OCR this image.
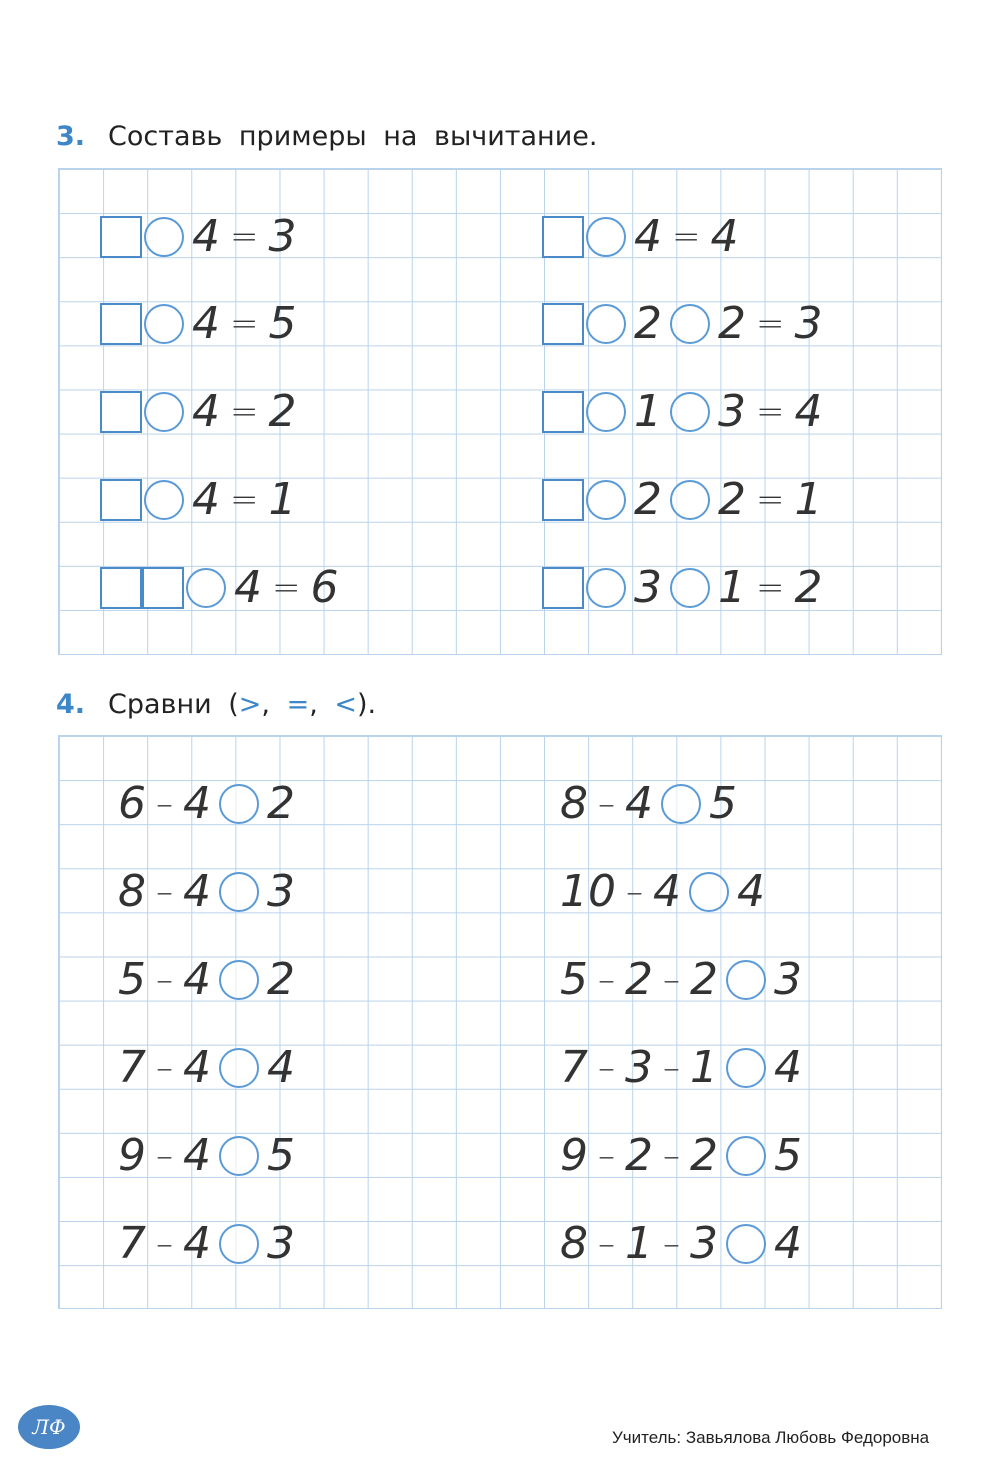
3. Составь примеры на вычитание.
4. Сравни (>, =, <).
ЛФ	Учитель: Завьялова Любовь Федоровна
4 = 3
4 = 5
4 = 2
4 = 1
4 = 6
4 = 4
2 2 = 3
1 3 = 4
2 2 = 1
3 1 = 2
6 – 4 2
8 – 4 3
5 – 4 2
7 – 4 4
9 – 4 5
7 – 4 3
8 – 4 5
10 – 4 4
5 – 2 – 2 3
7 – 3 – 1 4
9 – 2 – 2 5
8 – 1 – 3 4
